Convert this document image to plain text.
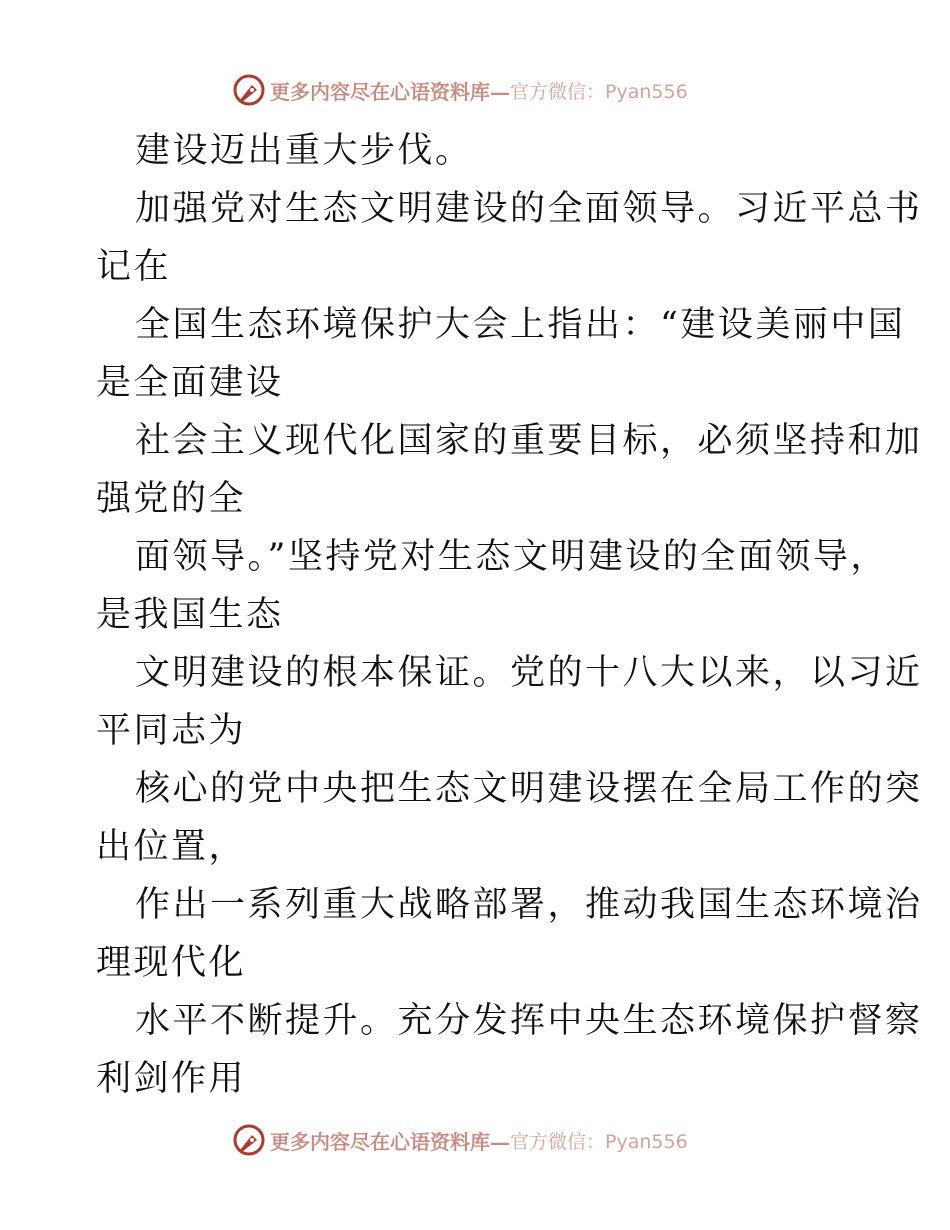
更多内容尽在心语资料库— 官方微信：Pyan556
建设迈出重大步伐。
加强党对生态文明建设的全面领导。习近平总书
记在
全国生态环境保护大会上指出：“建设美丽中国
是全面建设
社会主义现代化国家的重要目标，必须坚持和加
强党的全
面领导。”坚持党对生态文明建设的全面领导，
是我国生态
文明建设的根本保证。党的十八大以来，以习近
平同志为
核心的党中央把生态文明建设摆在全局工作的突
出位置，
作出一系列重大战略部署，推动我国生态环境治
理现代化
水平不断提升。充分发挥中央生态环境保护督察
利剑作用
更多内容尽在心语资料库— 官方微信：Pyan556
